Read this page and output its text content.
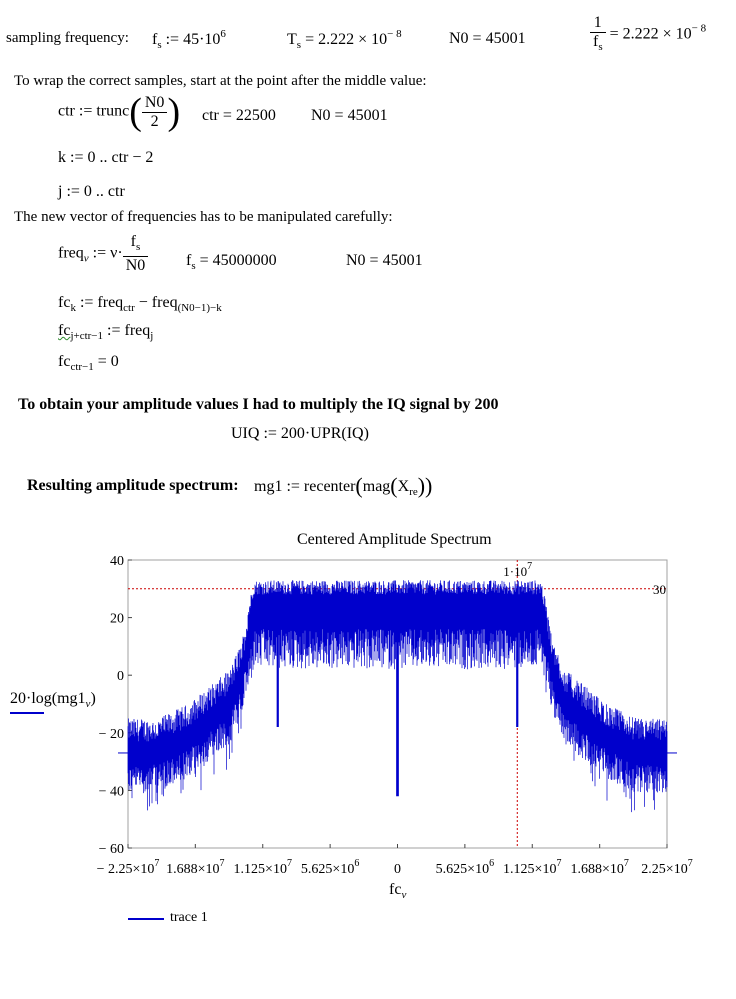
sampling frequency: $f_s$ := $45\cdot 10^6$	$T_s = 2.222 \times 10^{- 8}$	N0 = 45001	$\frac{1}{f_s} = 2.222 \times 10^{- 8}$
To wrap the correct samples, start at the point after the middle value:
ctr := trunc( $\frac{N0}{2}$ ) ctr = 22500 N0 = 45001
k := 0 .. ctr − 2
j := 0 .. ctr
The new vector of frequencies has to be manipulated carefully:
freq$_\nu$ := $\nu\cdot \frac{f_s}{N0} f_s = 45000000$	N0 = 45001
$fc_k$ := freq$_{ctr}$ − freq$_{(N0-1)-k}$
$fc_{j+ctr-1}$ := freq$_j$
$fc_{ctr-1} = 0$
To obtain your amplitude values I had to multiply the IQ signal by 200
UIQ := 200·UPR(IQ)
Resulting amplitude spectrum: mg1 := $recenter(mag(X_{re}))$
Centered Amplitude Spectrum
40
20
0
− 20
− 40
− 60
− $2.25\times 10^7$ $1.688\times 10^7$ $1.125\times 10^7$ $5.625\times 10^6$ 0 $5.625\times 10^6$ $1.125\times 10^7$ $1.688\times 10^7$ $2.25\times 10^7$
$1\cdot 10^7$
30
$20\cdot\log(mg1_\nu)$
$fc_\nu$
trace 1
